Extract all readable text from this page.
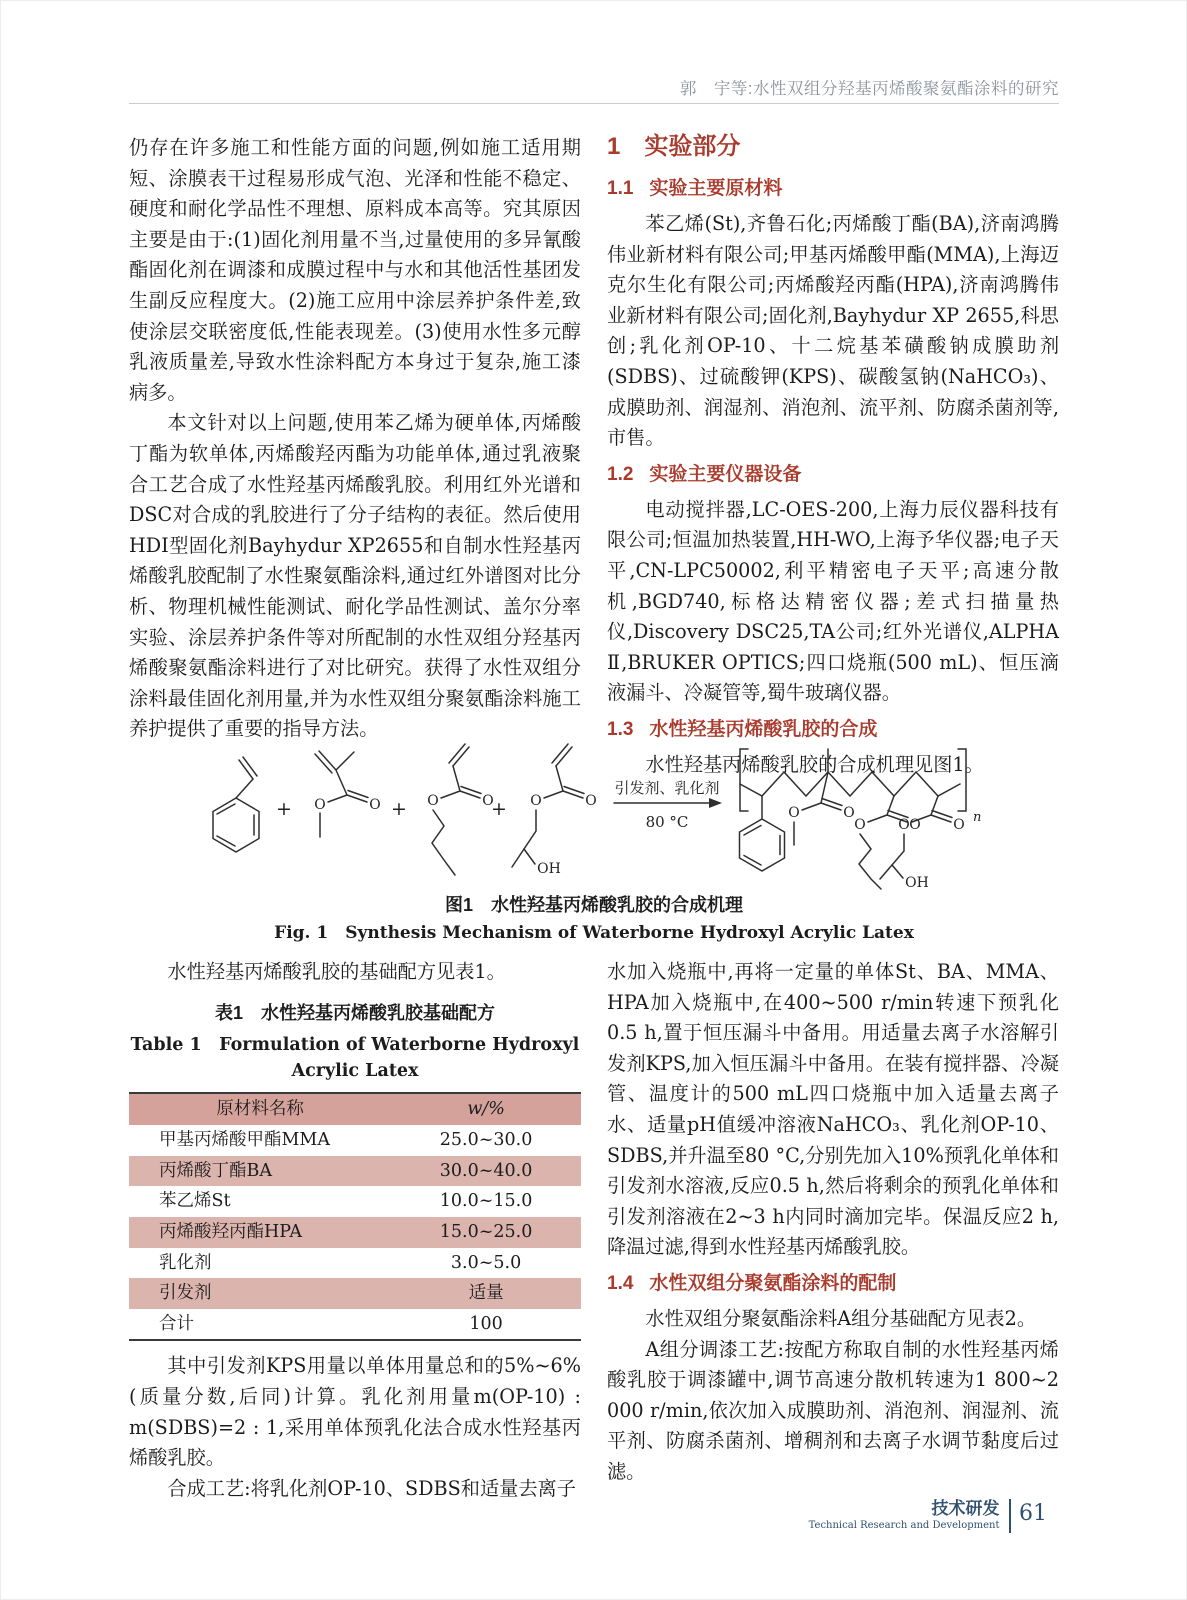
郭　宇等:水性双组分羟基丙烯酸聚氨酯涂料的研究

仍存在许多施工和性能方面的问题,例如施工适用期短、涂膜表干过程易形成气泡、光泽和性能不稳定、硬度和耐化学品性不理想、原料成本高等。究其原因主要是由于:(1)固化剂用量不当,过量使用的多异氰酸酯固化剂在调漆和成膜过程中与水和其他活性基团发生副反应程度大。(2)施工应用中涂层养护条件差,致使涂层交联密度低,性能表现差。(3)使用水性多元醇乳液质量差,导致水性涂料配方本身过于复杂,施工漆病多。

本文针对以上问题,使用苯乙烯为硬单体,丙烯酸丁酯为软单体,丙烯酸羟丙酯为功能单体,通过乳液聚合工艺合成了水性羟基丙烯酸乳胶。利用红外光谱和DSC对合成的乳胶进行了分子结构的表征。然后使用HDI型固化剂Bayhydur XP2655和自制水性羟基丙烯酸乳胶配制了水性聚氨酯涂料,通过红外谱图对比分析、物理机械性能测试、耐化学品性测试、盖尔分率实验、涂层养护条件等对所配制的水性双组分羟基丙烯酸聚氨酯涂料进行了对比研究。获得了水性双组分涂料最佳固化剂用量,并为水性双组分聚氨酯涂料施工养护提供了重要的指导方法。

1 实验部分
1.1 实验主要原材料

苯乙烯(St),齐鲁石化;丙烯酸丁酯(BA),济南鸿腾伟业新材料有限公司;甲基丙烯酸甲酯(MMA),上海迈克尔生化有限公司;丙烯酸羟丙酯(HPA),济南鸿腾伟业新材料有限公司;固化剂,Bayhydur XP 2655,科思创;乳化剂OP-10、十二烷基苯磺酸钠成膜助剂(SDBS)、过硫酸钾(KPS)、碳酸氢钠(NaHCO₃)、成膜助剂、润湿剂、消泡剂、流平剂、防腐杀菌剂等,市售。

1.2 实验主要仪器设备

电动搅拌器,LC-OES-200,上海力辰仪器科技有限公司;恒温加热装置,HH-WO,上海予华仪器;电子天平,CN-LPC50002,利平精密电子天平;高速分散机,BGD740,标格达精密仪器;差式扫描量热仪,Discovery DSC25,TA公司;红外光谱仪,ALPHA Ⅱ,BRUKER OPTICS;四口烧瓶(500 mL)、恒压滴液漏斗、冷凝管等,蜀牛玻璃仪器。

1.3 水性羟基丙烯酸乳胶的合成

水性羟基丙烯酸乳胶的合成机理见图1。

+	O
O	+	O
O	+	O
O
OH
引发剂、乳化剂
80 °C	n
O
O
O
O	O
O
OH
图1　水性羟基丙烯酸乳胶的合成机理
Fig. 1　Synthesis Mechanism of Waterborne Hydroxyl Acrylic Latex

水性羟基丙烯酸乳胶的基础配方见表1。

表1　水性羟基丙烯酸乳胶基础配方
Table 1　Formulation of Waterborne Hydroxyl Acrylic Latex
原材料名称	w/%
甲基丙烯酸甲酯MMA	25.0~30.0
丙烯酸丁酯BA	30.0~40.0
苯乙烯St	10.0~15.0
丙烯酸羟丙酯HPA	15.0~25.0
乳化剂	3.0~5.0
引发剂	适量
合计	100

其中引发剂KPS用量以单体用量总和的5%~6%(质量分数,后同)计算。乳化剂用量m(OP-10) : m(SDBS)=2 : 1,采用单体预乳化法合成水性羟基丙烯酸乳胶。

合成工艺:将乳化剂OP-10、SDBS和适量去离子

水加入烧瓶中,再将一定量的单体St、BA、MMA、HPA加入烧瓶中,在400~500 r/min转速下预乳化0.5 h,置于恒压漏斗中备用。用适量去离子水溶解引发剂KPS,加入恒压漏斗中备用。在装有搅拌器、冷凝管、温度计的500 mL四口烧瓶中加入适量去离子水、适量pH值缓冲溶液NaHCO₃、乳化剂OP-10、SDBS,并升温至80 °C,分别先加入10%预乳化单体和引发剂水溶液,反应0.5 h,然后将剩余的预乳化单体和引发剂溶液在2~3 h内同时滴加完毕。保温反应2 h,降温过滤,得到水性羟基丙烯酸乳胶。

1.4 水性双组分聚氨酯涂料的配制

水性双组分聚氨酯涂料A组分基础配方见表2。

A组分调漆工艺:按配方称取自制的水性羟基丙烯酸乳胶于调漆罐中,调节高速分散机转速为1 800~2 000 r/min,依次加入成膜助剂、消泡剂、润湿剂、流平剂、防腐杀菌剂、增稠剂和去离子水调节黏度后过滤。

技术研发
Technical Research and Development 61
